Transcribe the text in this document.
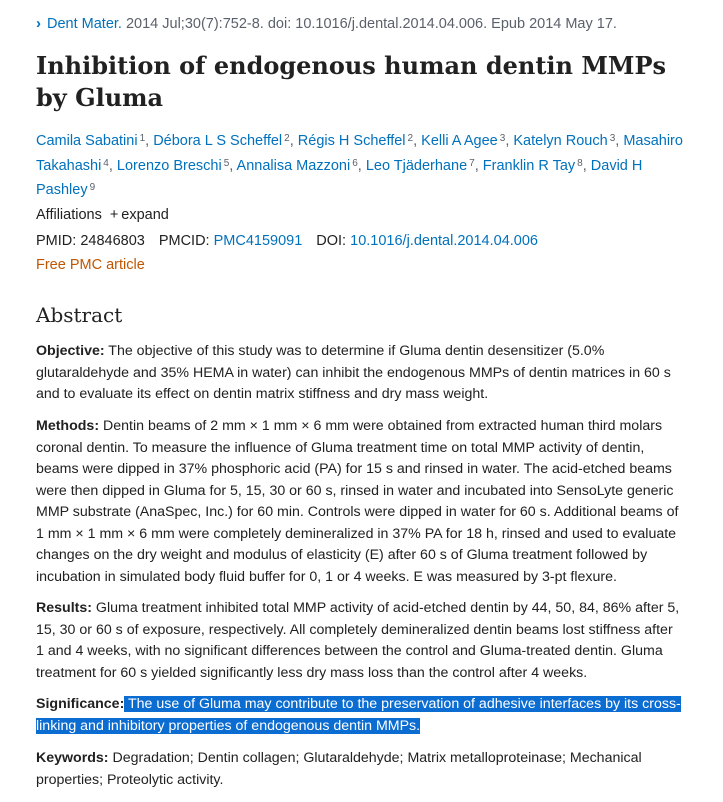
› Dent Mater. 2014 Jul;30(7):752-8. doi: 10.1016/j.dental.2014.04.006. Epub 2014 May 17.
Inhibition of endogenous human dentin MMPs by Gluma
Camila Sabatini $^1$, Débora L S Scheffel $^2$, Régis H Scheffel $^2$, Kelli A Agee $^3$, Katelyn Rouch $^3$, Masahiro Takahashi $^4$, Lorenzo Breschi $^5$, Annalisa Mazzoni $^6$, Leo Tjäderhane $^7$, Franklin R Tay $^8$, David H Pashley $^9$
Affiliations + expand
PMID: 24846803 PMCID: PMC4159091 DOI: 10.1016/j.dental.2014.04.006
Free PMC article
Abstract

Objective: The objective of this study was to determine if Gluma dentin desensitizer (5.0% glutaraldehyde and 35% HEMA in water) can inhibit the endogenous MMPs of dentin matrices in 60 s and to evaluate its effect on dentin matrix stiffness and dry mass weight.

Methods: Dentin beams of 2 mm × 1 mm × 6 mm were obtained from extracted human third molars coronal dentin. To measure the influence of Gluma treatment time on total MMP activity of dentin, beams were dipped in 37% phosphoric acid (PA) for 15 s and rinsed in water. The acid-etched beams were then dipped in Gluma for 5, 15, 30 or 60 s, rinsed in water and incubated into SensoLyte generic MMP substrate (AnaSpec, Inc.) for 60 min. Controls were dipped in water for 60 s. Additional beams of 1 mm × 1 mm × 6 mm were completely demineralized in 37% PA for 18 h, rinsed and used to evaluate changes on the dry weight and modulus of elasticity (E) after 60 s of Gluma treatment followed by incubation in simulated body fluid buffer for 0, 1 or 4 weeks. E was measured by 3-pt flexure.

Results: Gluma treatment inhibited total MMP activity of acid-etched dentin by 44, 50, 84, 86% after 5, 15, 30 or 60 s of exposure, respectively. All completely demineralized dentin beams lost stiffness after 1 and 4 weeks, with no significant differences between the control and Gluma-treated dentin. Gluma treatment for 60 s yielded significantly less dry mass loss than the control after 4 weeks.

Significance: The use of Gluma may contribute to the preservation of adhesive interfaces by its cross-linking and inhibitory properties of endogenous dentin MMPs.

Keywords: Degradation; Dentin collagen; Glutaraldehyde; Matrix metalloproteinase; Mechanical properties; Proteolytic activity.
